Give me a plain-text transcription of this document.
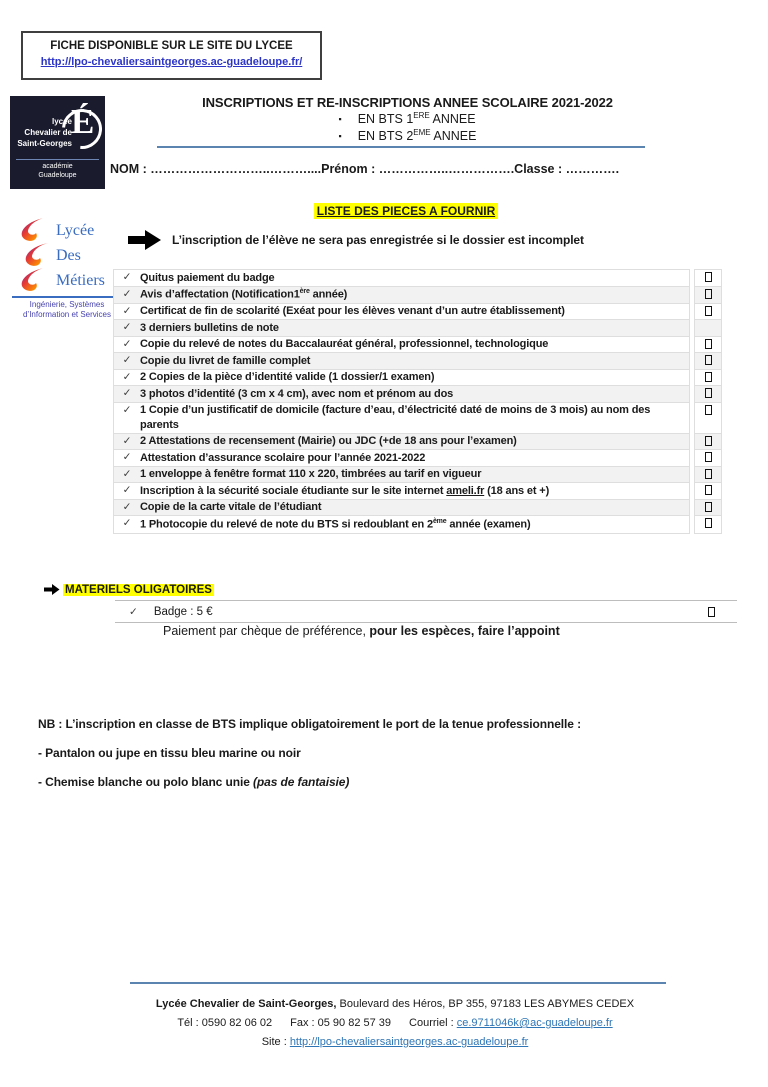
FICHE DISPONIBLE SUR LE SITE DU LYCEE
http://lpo-chevaliersaintgeorges.ac-guadeloupe.fr/
lycée Chevalier de Saint-Georges
É
académie
Guadeloupe
INSCRIPTIONS ET RE-INSCRIPTIONS ANNEE SCOLAIRE 2021-2022
▪ EN BTS 1ERE ANNEE
▪ EN BTS 2EME ANNEE
NOM : ………………………..………....Prénom : ……………..…………….Classe : ………….
Lycée
Des
Métiers
Ingénierie, Systèmes
d’Information et Services
LISTE DES PIECES A FOURNIR
L’inscription de l’élève ne sera pas enregistrée si le dossier est incomplet
✓ Quitus paiement du badge
✓ Avis d’affectation (Notification1ère année)
✓ Certificat de fin de scolarité (Exéat pour les élèves venant d’un autre établissement)
✓ 3 derniers bulletins de note
✓ Copie du relevé de notes du Baccalauréat général, professionnel, technologique
✓ Copie du livret de famille complet
✓ 2 Copies de la pièce d’identité valide (1 dossier/1 examen)
✓ 3 photos d’identité (3 cm x 4 cm), avec nom et prénom au dos
✓ 1 Copie d’un justificatif de domicile (facture d’eau, d’électricité daté de moins de 3 mois) au nom des parents
✓ 2 Attestations de recensement (Mairie) ou JDC (+de 18 ans pour l’examen)
✓ Attestation d’assurance scolaire pour l’année 2021-2022
✓ 1 enveloppe à fenêtre format 110 x 220, timbrées au tarif en vigueur
✓ Inscription à la sécurité sociale étudiante sur le site internet ameli.fr (18 ans et +)
✓ Copie de la carte vitale de l’étudiant
✓ 1 Photocopie du relevé de note du BTS si redoublant en 2ème année (examen)
MATERIELS OLIGATOIRES
✓ Badge : 5 €
Paiement par chèque de préférence, pour les espèces, faire l’appoint

NB : L’inscription en classe de BTS implique obligatoirement le port de la tenue professionnelle :

- Pantalon ou jupe en tissu bleu marine ou noir

- Chemise blanche ou polo blanc unie (pas de fantaisie)

Lycée Chevalier de Saint-Georges, Boulevard des Héros, BP 355, 97183 LES ABYMES CEDEX
Tél : 0590 82 06 02 Fax : 05 90 82 57 39 Courriel : ce.9711046k@ac-guadeloupe.fr
Site : http://lpo-chevaliersaintgeorges.ac-guadeloupe.fr
